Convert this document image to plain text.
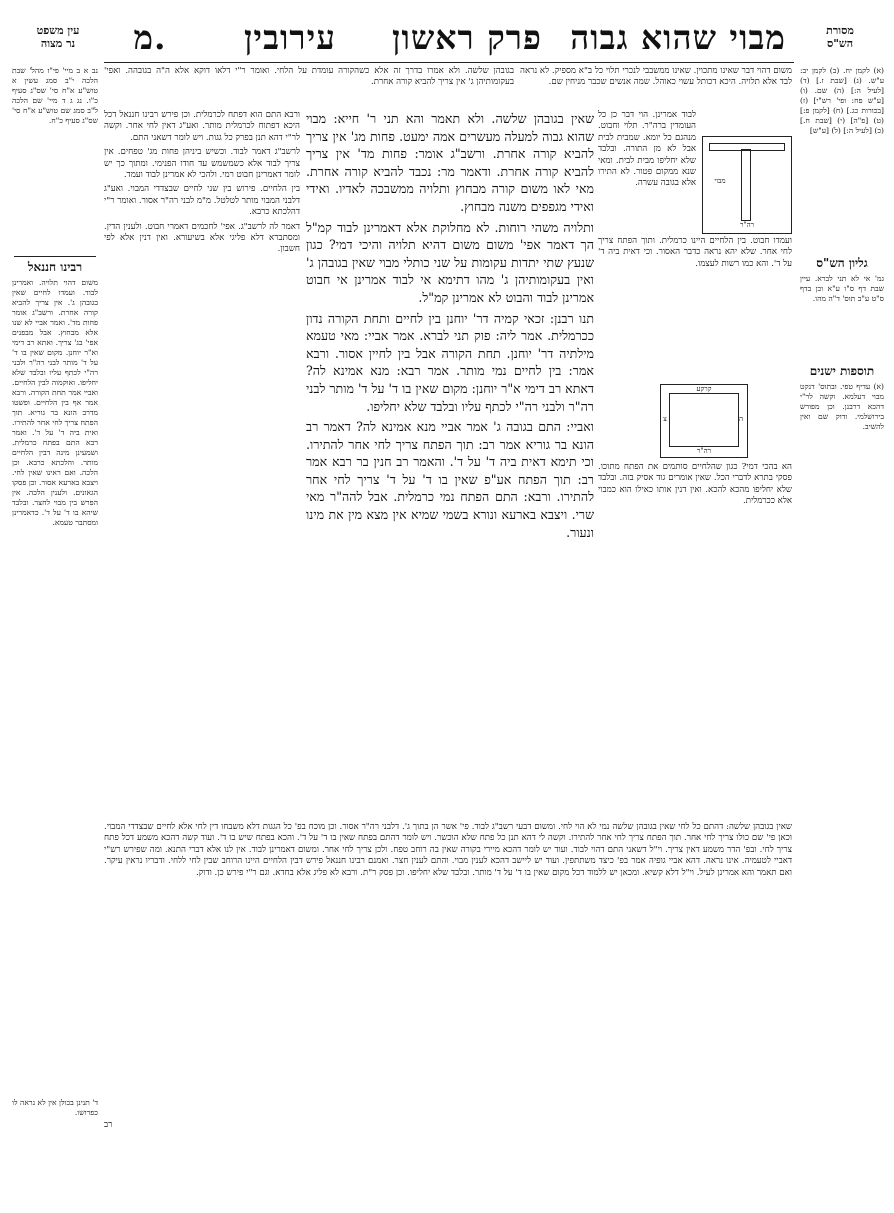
מסורת
הש"ס
עין משפט
נר מצוה	מבוי שהוא גבוה
פרק ראשון
עירובין
מ.
(א) לקמן יח. (ב) לקמן יב: ע"ש. (ג) [שבת ז.] (ד) [לעיל ה:] (ה) שם. (ו) [ע"ש פח: ופי' רש"י] (ז) [בכורות כג.] (ח) [לקמן פ:] (ט) [פ"ה] (י) [שבת ח.] (כ) [לעיל ה:] (ל) [ע"ש]
גליון הש"ס
גמ' אי לא תני לברא. עיין שבת דף ס"ו ע"א וכן בדף ס"ט ע"ב תוס' ד"ה מהו.
תוספות ישנים
(א) עדיף טפי. ובתוס' דנקט מבוי דעלמא. וקשה לר"י דהכא דרבנן. וכן מפורש בירושלמי. ודוק שם ואין להשיב.
נב א ב מיי' פי"ז מהל' שבת הלכה י"ב סמג עשין א טוש"ע א"ח סי' שס"ג סעיף כ"ו. נג ג ד מיי' שם הלכה ל"ב סמג שם טוש"ע א"ח סי' שס"ג סעיף כ"ח.
רבינו חננאל
משום דהוי תלויה. ואמרינן לבוד. ועמדו לחיים שאין בגובהן ג'. אין צריך להביא קורה אחרת. ורשב"ג אומר פחות מד'. ואמר אביי לא שנו אלא מבחוץ. אבל מבפנים אפי' בג' צריך. ואתא רב דימי וא"ר יוחנן. מקום שאין בו ד' על ד' מותר לבני רה"ר ולבני רה"י לכתף עליו ובלבד שלא יחליפו. ואוקמוה לבין הלחיים. ואביי אמר תחת הקורה. ורבא אמר אף בין הלחיים. ופשטו מדרב הונא בר גוריא. תוך הפתח צריך לחי אחר להתירו. ואית ביה ד' על ד'. ואמר רבא התם בפתח כרמלית. ושמעינן מינה דבין הלחיים מותר. והלכתא כרבא. וכן הלכה. ואם ראינו שאין לחי. ויצבא בארעא אסור. וכן פסקו הגאונים. ולענין הלכה. אין הפרש בין מבוי לחצר. ובלבד שיהא בו ד' על ד'. כדאמרינן ומסתבר טעמא.
ד' תנינן בכולן אין לא נראה לו כפרושו.

משום דהוי דבר שאינו מתכוין. שאינו ממשבבי לנכרי תלוי כל ב"א מספיק. לא נראה לבד אלא תלויה. היכא דכותל עשוי כאוהל. שמה אנשים שכבר מניחין שם.

רה"ר
מבוי

לבוד אמרינן. הוי דבר כן כל העומדין ברה"ר. תלוי וחבוט. מנהגם כל יומא. שמבית לבית אבל לא מן התורה. ובלבד שלא יחליפו מבית לבית. ומאי שנא ממקום פטור. לא התירו אלא בגובה עשרה.

ועמדו חבוט. בין הלחיים היינו כרמלית. ותוך הפתח צריך לחי אחר. שלא יהא נראה כדבר האסור. וכי דאית ביה ד' על ד'. והא כמו רשות לעצמו.

קרקע
צ	ה
רה"ר

הא בהכי דמי? כגון שהלחיים סותמים את הפתח מתוכו. פסקי בתרא לדברי הכל. שאין אומרים גוד אסיק בזה. ובלבד שלא יחליפו מהכא להכא. ואין דנין אותו כאילו הוא כמבוי אלא ככרמלית.

בגובהן שלשה. ולא אמרו בדרך זה אלא כשהקורה עומדת על הלחי. ואומר ר"י דלאו דוקא אלא ה"ה בגובהה. ואפי' בעקומותיהן ג' אין צריך להביא קורה אחרת.

ורבא התם הוא דפתח לכרמלית. וכן פירש רבינו חננאל דכל היכא דפתוח לכרמלית מותר. ואע"ג דאין לחי אחר. וקשה לר"י דהא תנן בפרק כל גגות. ויש לומר דשאני התם.

לרשב"ג דאמר לבוד. וכשיש ביניהן פחות מג' טפחים. אין צריך לבוד אלא כשמשמש עד חודו הפנימי. ומתוך כך יש לומר דאמרינן חבוט רמי. ולהכי לא אמרינן לבוד ועמד.

בין הלחיים. פירוש בין שני לחיים שבצדדי המבוי. ואע"ג דלבני המבוי מותר לטלטל. מ"מ לבני רה"ר אסור. ואומר ר"י דהלכתא כרבא.

דאמר לה לרשב"ג. אפי' לחכמים דאמרי חבוט. ולענין הדין. ומסתברא דלא פליגי אלא בשיעורא. ואין דנין אלא לפי חשבון.

שאין בגובהן שלשה. ולא תאמר והא תני ר' חייא: מבוי שהוא גבוה למעלה מעשרים אמה ימעט. פחות מג' אין צריך להביא קורה אחרת. ורשב"ג אומר: פחות מד' אין צריך להביא קורה אחרת. ודאמר מר: נכבד להביא קורה אחרת. מאי לאו משום קורה מבחוץ ותלויה ממשבכה לאדיו. ואידי ואידי מגפפים משנה מבחוץ.

ותלויה משהי רוחות. לא מחלוקת אלא דאמרינן לבוד קמ"ל הך דאמר אפי' משום משום דהיא תלויה והיכי דמי? כגון שנעץ שתי יתדות עקומות על שני כותלי מבוי שאין בגובהן ג' ואין בעקומותיהן ג' מהו דתימא אי לבוד אמרינן אי חבוט אמרינן לבוד והבוט לא אמרינן קמ"ל.

תנו רבנן: זכאי קמיה דר' יוחנן בין לחיים ותחת הקורה נדון ככרמלית. אמר ליה: פוק תני לברא. אמר אביי: מאי טעמא מילתיה דר' יוחנן. תחת הקורה אבל בין לחיין אסור. ורבא אמר: בין לחיים נמי מותר. אמר רבא: מנא אמינא לה? דאתא רב דימי א"ר יוחנן: מקום שאין בו ד' על ד' מותר לבני רה"ר ולבני רה"י לכתף עליו ובלבד שלא יחליפו.

ואביי: התם בגובה ג' אמר אביי מנא אמינא לה? דאמר רב הונא בר גוריא אמר רב: תוך הפתח צריך לחי אחר להתירו. וכי תימא דאית ביה ד' על ד'. והאמר רב חנין בר רבא אמר רב: תוך הפתח אע"פ שאין בו ד' על ד' צריך לחי אחר להתירו. ורבא: התם הפתח נמי כרמלית. אבל להה"ר מאי שרי. ויצבא בארעא ונורא בשמי שמיא אין מצא מין את מינו ונעור.

שאין בגובהן שלשה: דהתם כל לחי שאין בגובהן שלשה נמי לא הוי לחי. ומשום דבעי רשב"ג לבוד. פי' אשר הן בתוך ג'. דלבני רה"ר אסור. וכן מוכח בפ' כל הגגות דלא משבחו דין לחי אלא לחיים שבצדדי המבוי. וכאן פי' שם כולו צריך לחי אחר. תוך הפתח צריך לחי אחר להתירו. וקשה לי דהא תנן כל פתח שלא הוכשר. ויש לומר דהתם בפתח שאין בו ד' על ד'. והכא בפתח שיש בו ד'. ועוד קשה דהכא משמע דכל פתח צריך לחי. ובפ' הדר משמע דאין צריך. וי"ל דשאני התם דהוי לבוד. ועוד יש לומר דהכא מיירי בקורה שאין בה רוחב טפח. ולכן צריך לחי אחר. ומשום דאמרינן לבוד. אין לנו אלא דברי התנא. ומה שפירש רש"י דאביי לטעמיה. אינו נראה. דהא אביי גופיה אמר בפ' כיצד משתתפין. ועוד יש ליישב דהכא לענין מבוי. והתם לענין חצר. ואמנם רבינו חננאל פירש דבין הלחיים היינו הרוחב שבין לחי ללחי. ודבריו נראין עיקר. ואם תאמר והא אמרינן לעיל. וי"ל דלא קשיא. ומכאן יש ללמוד דכל מקום שאין בו ד' על ד' מותר. ובלבד שלא יחליפו. וכן פסק ר"ת. ורבא לא פליג אלא בחדא. וגם ר"י פירש כן. ודוק.
רב
